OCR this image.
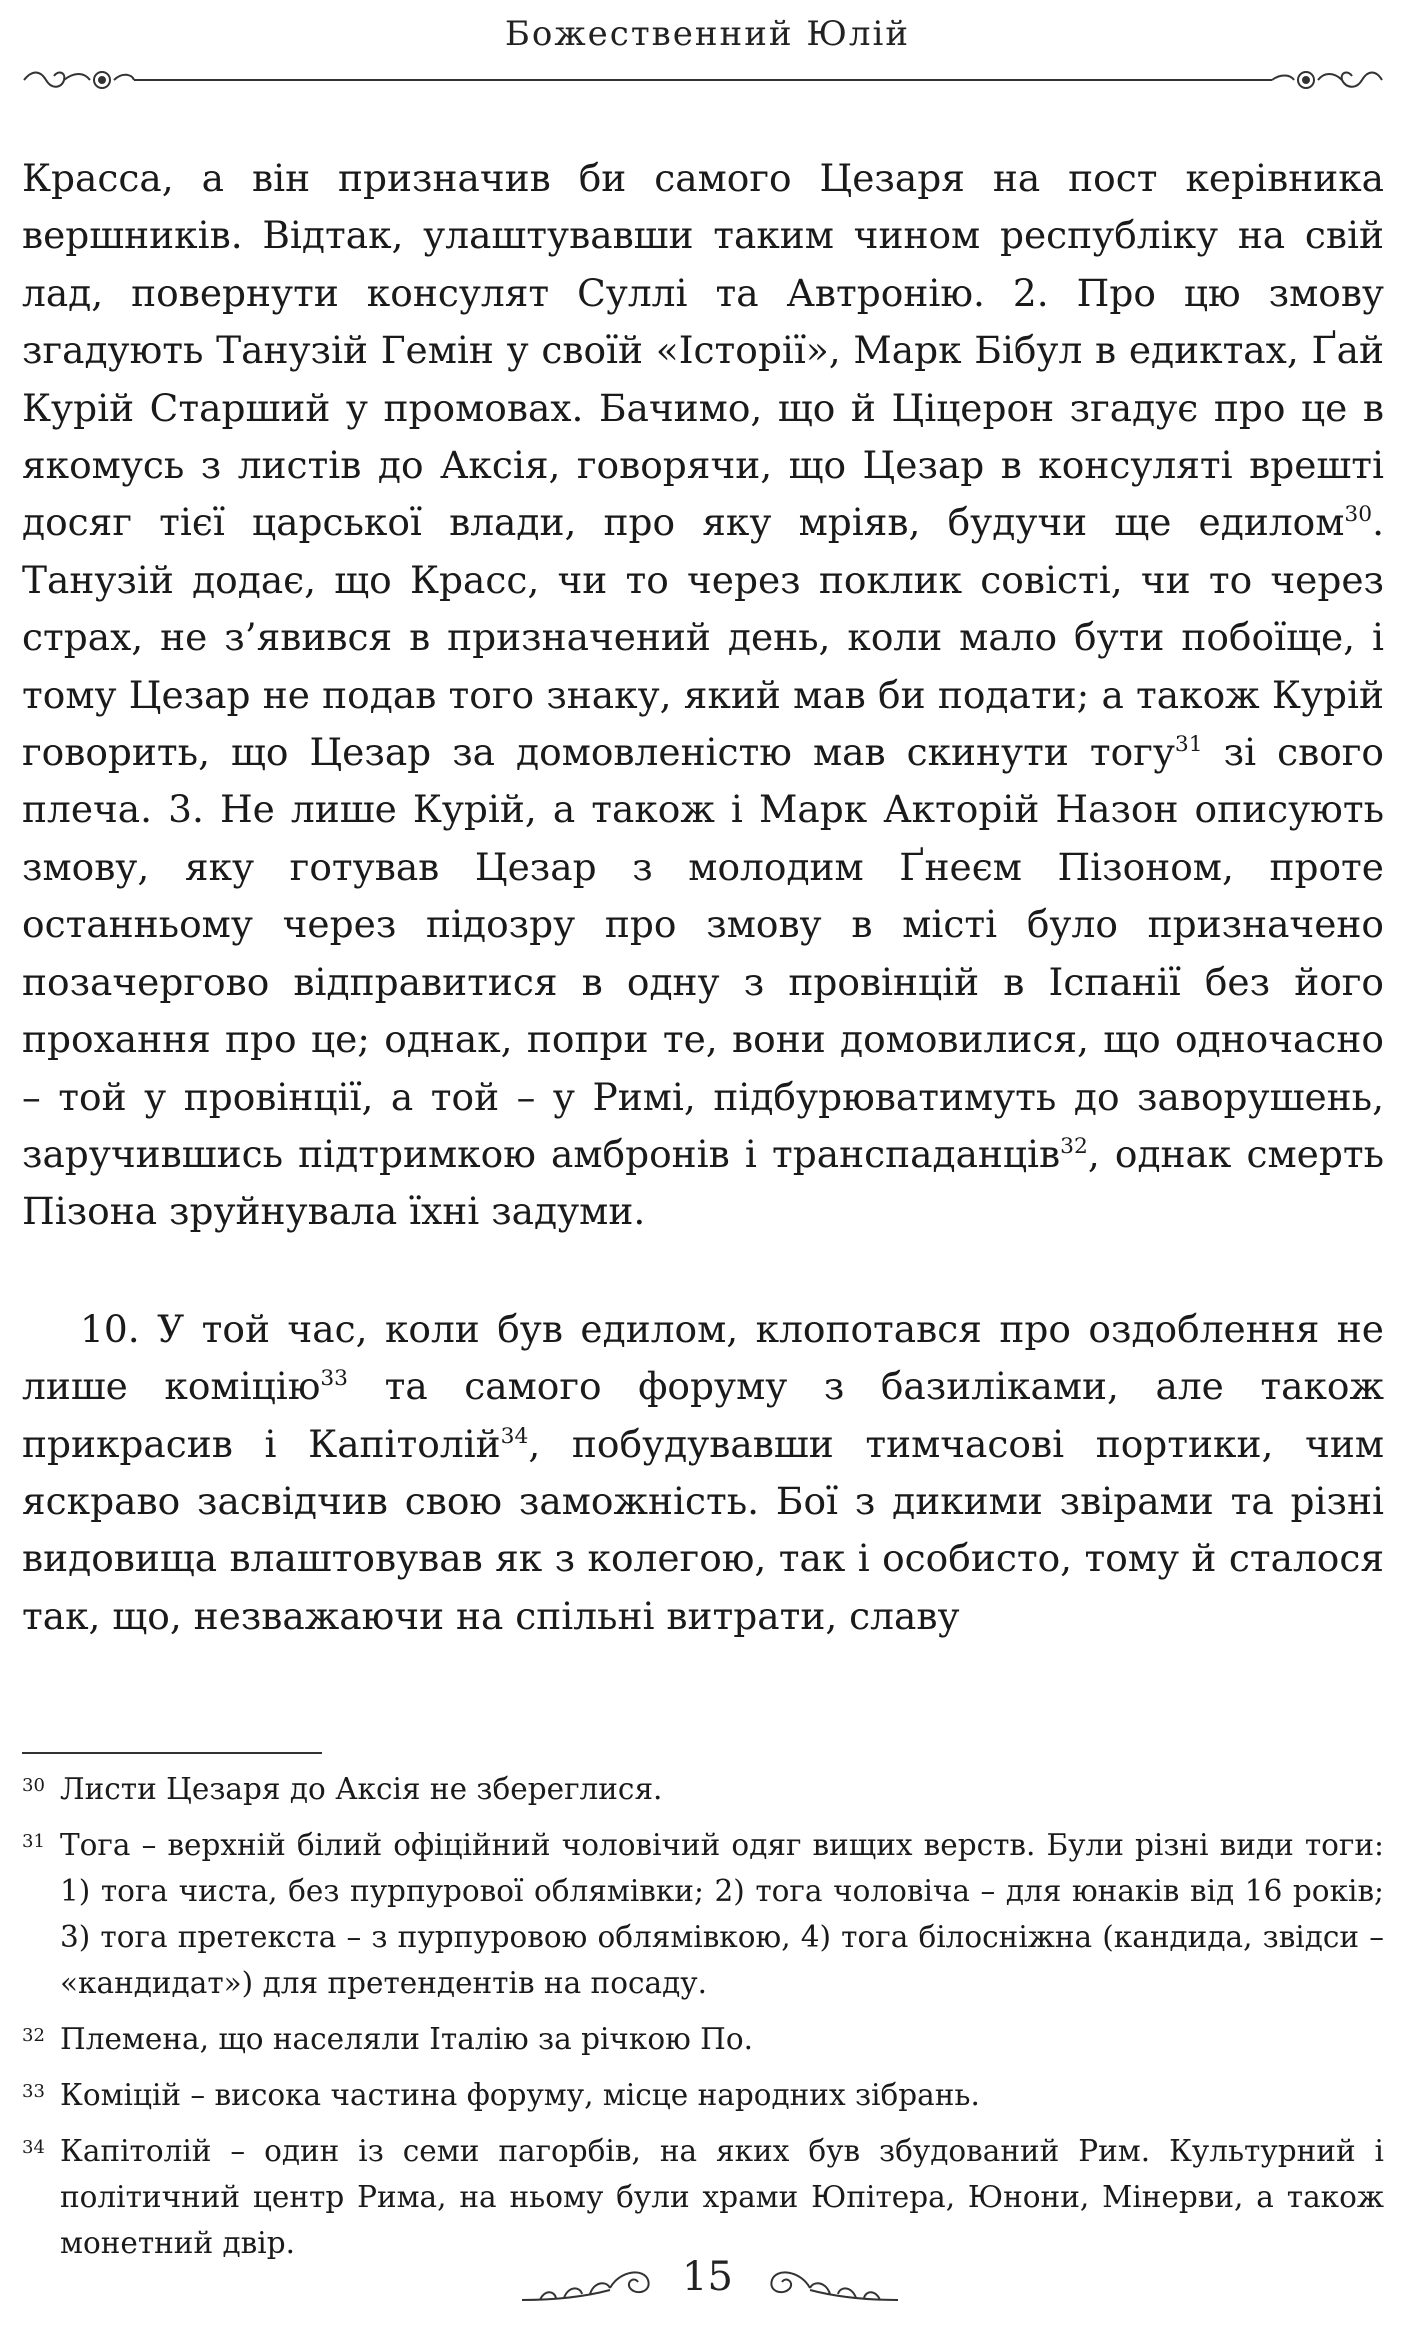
Божественний Юлій

Красса, а він призначив би самого Цезаря на пост керівника вершників. Відтак, улаштувавши таким чином республіку на свій лад, повернути консулят Суллі та Автронію. 2. Про цю змову згадують Танузій Гемін у своїй «Історії», Марк Бібул в едиктах, Ґай Курій Старший у промовах. Бачимо, що й Ціцерон згадує про це в якомусь з листів до Аксія, говорячи, що Цезар в консуляті врешті досяг тієї царської влади, про яку мріяв, будучи ще едилом$^{30}$. Танузій додає, що Красс, чи то через поклик совісті, чи то через страх, не з’явився в призначений день, коли мало бути побоїще, і тому Цезар не подав того знаку, який мав би подати; а також Курій говорить, що Цезар за домовленістю мав скинути тогу$^{31}$ зі свого плеча. 3. Не лише Курій, а також і Марк Акторій Назон описують змову, яку готував Цезар з молодим Ґнеєм Пізоном, проте останньому через підозру про змову в місті було призначено позачергово відправитися в одну з провінцій в Іспанії без його прохання про це; однак, попри те, вони домовилися, що одночасно – той у провінції, а той – у Римі, підбурюватимуть до заворушень, заручившись підтримкою амбронів і транспаданців$^{32}$, однак смерть Пізона зруйнувала їхні задуми.

10. У той час, коли був едилом, клопотався про оздоблення не лише коміцію$^{33}$ та самого форуму з базиліками, але також прикрасив і Капітолій$^{34}$, побудувавши тимчасові портики, чим яскраво засвідчив свою заможність. Бої з дикими звірами та різні видовища влаштовував як з колегою, так і особисто, тому й сталося так, що, незважаючи на спільні витрати, славу

30 Листи Цезаря до Аксія не збереглися.
31 Тога – верхній білий офіційний чоловічий одяг вищих верств. Були різні види тоги: 1) тога чиста, без пурпурової облямівки; 2) тога чоловіча – для юнаків від 16 років; 3) тога претекста – з пурпуровою облямівкою, 4) тога білосніжна (кандида, звідси – «кандидат») для претендентів на посаду.
32 Племена, що населяли Італію за річкою По.
33 Коміцій – висока частина форуму, місце народних зібрань.
34 Капітолій – один із семи пагорбів, на яких був збудований Рим. Культурний і політичний центр Рима, на ньому були храми Юпітера, Юнони, Мінерви, а також монетний двір.
15
